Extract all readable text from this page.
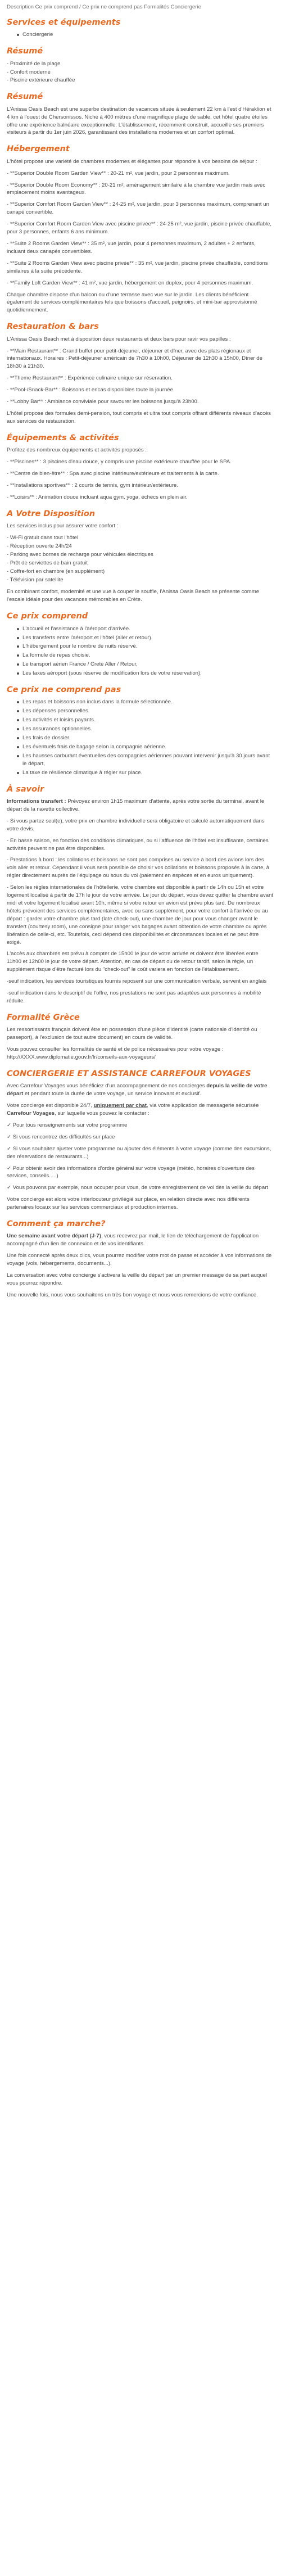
Description Ce prix comprend / Ce prix ne comprend pas Formalités Conciergerie
Services et équipements
Conciergerie
Résumé
- Proximité de la plage
- Confort moderne
- Piscine extérieure chauffée
Résumé

L'Anissa Oasis Beach est une superbe destination de vacances située à seulement 22 km à l'est d'Héraklion et 4 km à l'ouest de Chersonissos. Niché à 400 mètres d'une magnifique plage de sable, cet hôtel quatre étoiles offre une expérience balnéaire exceptionnelle. L'établissement, récemment construit, accueille ses premiers visiteurs à partir du 1er juin 2026, garantissant des installations modernes et un confort optimal.

Hébergement

L'hôtel propose une variété de chambres modernes et élégantes pour répondre à vos besoins de séjour :

- **Superior Double Room Garden View** : 20-21 m², vue jardin, pour 2 personnes maximum.

- **Superior Double Room Economy** : 20-21 m², aménagement similaire à la chambre vue jardin mais avec emplacement moins avantageux.

- **Superior Comfort Room Garden View** : 24-25 m², vue jardin, pour 3 personnes maximum, comprenant un canapé convertible.

- **Superior Comfort Room Garden View avec piscine privée** : 24-25 m², vue jardin, piscine privée chauffable, pour 3 personnes, enfants 6 ans minimum.

- **Suite 2 Rooms Garden View** : 35 m², vue jardin, pour 4 personnes maximum, 2 adultes + 2 enfants, incluant deux canapés convertibles.

- **Suite 2 Rooms Garden View avec piscine privée** : 35 m², vue jardin, piscine privée chauffable, conditions similaires à la suite précédente.

- **Family Loft Garden View** : 41 m², vue jardin, hébergement en duplex, pour 4 personnes maximum.

Chaque chambre dispose d'un balcon ou d'une terrasse avec vue sur le jardin. Les clients bénéficient également de services complémentaires tels que boissons d'accueil, peignoirs, et mini-bar approvisionné quotidiennement.

Restauration & bars

L'Anissa Oasis Beach met à disposition deux restaurants et deux bars pour ravir vos papilles :

- **Main Restaurant** : Grand buffet pour petit-déjeuner, déjeuner et dîner, avec des plats régionaux et internationaux. Horaires : Petit-déjeuner américain de 7h30 à 10h00, Déjeuner de 12h30 à 15h00, Dîner de 18h30 à 21h30.

- **Theme Restaurant** : Expérience culinaire unique sur réservation.

- **Pool-/Snack-Bar** : Boissons et encas disponibles toute la journée.

- **Lobby Bar** : Ambiance conviviale pour savourer les boissons jusqu'à 23h00.

L'hôtel propose des formules demi-pension, tout compris et ultra tout compris offrant différents niveaux d'accès aux services de restauration.

Équipements & activités

Profitez des nombreux équipements et activités proposés :

- **Piscines** : 3 piscines d'eau douce, y compris une piscine extérieure chauffée pour le SPA.

- **Centre de bien-être** : Spa avec piscine intérieure/extérieure et traitements à la carte.

- **Installations sportives** : 2 courts de tennis, gym intérieur/extérieure.

- **Loisirs** : Animation douce incluant aqua gym, yoga, échecs en plein air.

A Votre Disposition

Les services inclus pour assurer votre confort :

- Wi-Fi gratuit dans tout l'hôtel
- Réception ouverte 24h/24
- Parking avec bornes de recharge pour véhicules électriques
- Prêt de serviettes de bain gratuit
- Coffre-fort en chambre (en supplément)
- Télévision par satellite

En combinant confort, modernité et une vue à couper le souffle, l'Anissa Oasis Beach se présente comme l'escale idéale pour des vacances mémorables en Crète.

Ce prix comprend
L'accueil et l'assistance à l'aéroport d'arrivée.
Les transferts entre l'aéroport et l'hôtel (aller et retour).
L'hébergement pour le nombre de nuits réservé.
La formule de repas choisie.
Le transport aérien France / Crete Aller / Retour,
Les taxes aéroport (sous réserve de modification lors de votre réservation).
Ce prix ne comprend pas
Les repas et boissons non inclus dans la formule sélectionnée.
Les dépenses personnelles.
Les activités et loisirs payants.
Les assurances optionnelles.
Les frais de dossier.
Les éventuels frais de bagage selon la compagnie aérienne.
Les hausses carburant éventuelles des compagnies aériennes pouvant intervenir jusqu'à 30 jours avant le départ,
La taxe de résilience climatique à régler sur place.
À savoir

Informations transfert : Prévoyez environ 1h15 maximum d'attente, après votre sortie du terminal, avant le départ de la navette collective.

- Si vous partez seul(e), votre prix en chambre individuelle sera obligatoire et calculé automatiquement dans votre devis.

- En basse saison, en fonction des conditions climatiques, ou si l'affluence de l'hôtel est insuffisante, certaines activités peuvent ne pas être disponibles.

- Prestations à bord : les collations et boissons ne sont pas comprises au service à bord des avions lors des vols aller et retour. Cependant il vous sera possible de choisir vos collations et boissons proposés à la carte, à régler directement auprès de l'équipage ou sous du vol (paiement en espèces et en euros uniquement).

- Selon les règles internationales de l'hôtellerie, votre chambre est disponible à partir de 14h ou 15h et votre logement localisé à partir de 17h le jour de votre arrivée. Le jour du départ, vous devez quitter la chambre avant midi et votre logement localisé avant 10h, même si votre retour en avion est prévu plus tard. De nombreux hôtels prévoient des services complémentaires, avec ou sans supplément, pour votre confort à l'arrivée ou au départ : garder votre chambre plus tard (late check-out), une chambre de jour pour vous changer avant le transfert (courtesy room), une consigne pour ranger vos bagages avant obtention de votre chambre ou après libération de celle-ci, etc. Toutefois, ceci dépend des disponibilités et circonstances locales et ne peut être exigé.

L'accès aux chambres est prévu à compter de 15h00 le jour de votre arrivée et doivent être libérées entre 11h00 et 12h00 le jour de votre départ. Attention, en cas de départ ou de retour tardif, selon la règle, un supplément risque d'être facturé lors du "check-out" le coût variera en fonction de l'établissement.

-seuf indication, les services touristiques fournis reposent sur une communication verbale, servent en anglais

-seuf indication dans le descriptif de l'offre, nos prestations ne sont pas adaptées aux personnes à mobilité réduite.

Formalité Grèce

Les ressortissants français doivent être en possession d'une pièce d'identité (carte nationale d'identité ou passeport), à l'exclusion de tout autre document) en cours de validité.

Vous pouvez consulter les formalités de santé et de police nécessaires pour votre voyage : http://XXXX.www.diplomatie.gouv.fr/fr/conseils-aux-voyageurs/

CONCIERGERIE ET ASSISTANCE CARREFOUR VOYAGES

Avec Carrefour Voyages vous bénéficiez d'un accompagnement de nos concierges depuis la veille de votre départ et pendant toute la durée de votre voyage, un service innovant et exclusif.

Votre concierge est disponible 24/7, uniquement par chat, via votre application de messagerie sécurisée Carrefour Voyages, sur laquelle vous pouvez le contacter :

✓ Pour tous renseignements sur votre programme

✓ Si vous rencontrez des difficultés sur place

✓ Si vous souhaitez ajuster votre programme ou ajouter des éléments à votre voyage (comme des excursions, des réservations de restaurants...)

✓ Pour obtenir avoir des informations d'ordre général sur votre voyage (météo, horaires d'ouverture des services, conseils.....)

✓ Vous pouvons par exemple, nous occuper pour vous, de votre enregistrement de vol dès la veille du départ

Votre concierge est alors votre interlocuteur privilégié sur place, en relation directe avec nos différents partenaires locaux sur les services commerciaux et production internes.

Comment ça marche?

Une semaine avant votre départ (J-7), vous recevrez par mail, le lien de téléchargement de l'application accompagné d'un lien de connexion et de vos identifiants.

Une fois connecté après deux clics, vous pourrez modifier votre mot de passe et accéder à vos informations de voyage (vols, hébergements, documents...).

La conversation avec votre concierge s'activera la veille du départ par un premier message de sa part auquel vous pourrez répondre.

Une nouvelle fois, nous vous souhaitons un très bon voyage et nous vous remercions de votre confiance.
